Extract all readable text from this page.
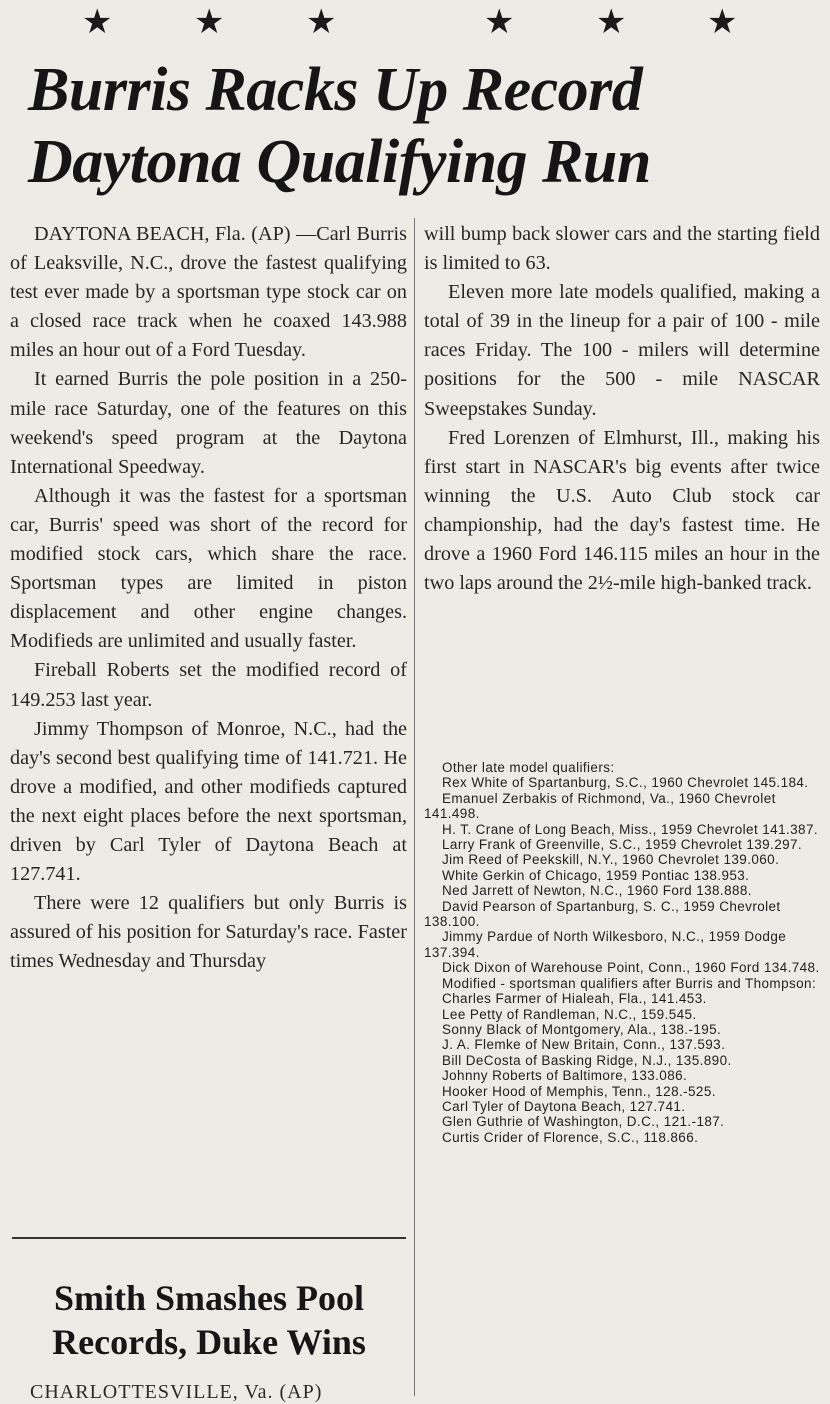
★ ★ ★	★ ★ ★
Burris Racks Up Record
Daytona Qualifying Run

DAYTONA BEACH, Fla. (AP) —Carl Burris of Leaksville, N.C., drove the fastest qualifying test ever made by a sportsman type stock car on a closed race track when he coaxed 143.988 miles an hour out of a Ford Tuesday.

It earned Burris the pole position in a 250-mile race Saturday, one of the features on this weekend's speed program at the Daytona International Speedway.

Although it was the fastest for a sportsman car, Burris' speed was short of the record for modified stock cars, which share the race. Sportsman types are limited in piston displacement and other engine changes. Modifieds are unlimited and usually faster.

Fireball Roberts set the modified record of 149.253 last year.

Jimmy Thompson of Monroe, N.C., had the day's second best qualifying time of 141.721. He drove a modified, and other modifieds captured the next eight places before the next sportsman, driven by Carl Tyler of Daytona Beach at 127.741.

There were 12 qualifiers but only Burris is assured of his position for Saturday's race. Faster times Wednesday and Thursday

will bump back slower cars and the starting field is limited to 63.

Eleven more late models qualified, making a total of 39 in the lineup for a pair of 100 - mile races Friday. The 100 - milers will determine positions for the 500 - mile NASCAR Sweepstakes Sunday.

Fred Lorenzen of Elmhurst, Ill., making his first start in NASCAR's big events after twice winning the U.S. Auto Club stock car championship, had the day's fastest time. He drove a 1960 Ford 146.115 miles an hour in the two laps around the 2½-mile high-banked track.

Other late model qualifiers:
Rex White of Spartanburg, S.C., 1960 Chevrolet 145.184.
Emanuel Zerbakis of Richmond, Va., 1960 Chevrolet 141.498.
H. T. Crane of Long Beach, Miss., 1959 Chevrolet 141.387.
Larry Frank of Greenville, S.C., 1959 Chevrolet 139.297.
Jim Reed of Peekskill, N.Y., 1960 Chevrolet 139.060.
White Gerkin of Chicago, 1959 Pontiac 138.953.
Ned Jarrett of Newton, N.C., 1960 Ford 138.888.
David Pearson of Spartanburg, S. C., 1959 Chevrolet 138.100.
Jimmy Pardue of North Wilkesboro, N.C., 1959 Dodge 137.394.
Dick Dixon of Warehouse Point, Conn., 1960 Ford 134.748.
Modified - sportsman qualifiers after Burris and Thompson:
Charles Farmer of Hialeah, Fla., 141.453.
Lee Petty of Randleman, N.C., 159.545.
Sonny Black of Montgomery, Ala., 138.-195.
J. A. Flemke of New Britain, Conn., 137.593.
Bill DeCosta of Basking Ridge, N.J., 135.890.
Johnny Roberts of Baltimore, 133.086.
Hooker Hood of Memphis, Tenn., 128.-525.
Carl Tyler of Daytona Beach, 127.741.
Glen Guthrie of Washington, D.C., 121.-187.
Curtis Crider of Florence, S.C., 118.866.
Smith Smashes Pool
Records, Duke Wins
CHARLOTTESVILLE, Va. (AP)
